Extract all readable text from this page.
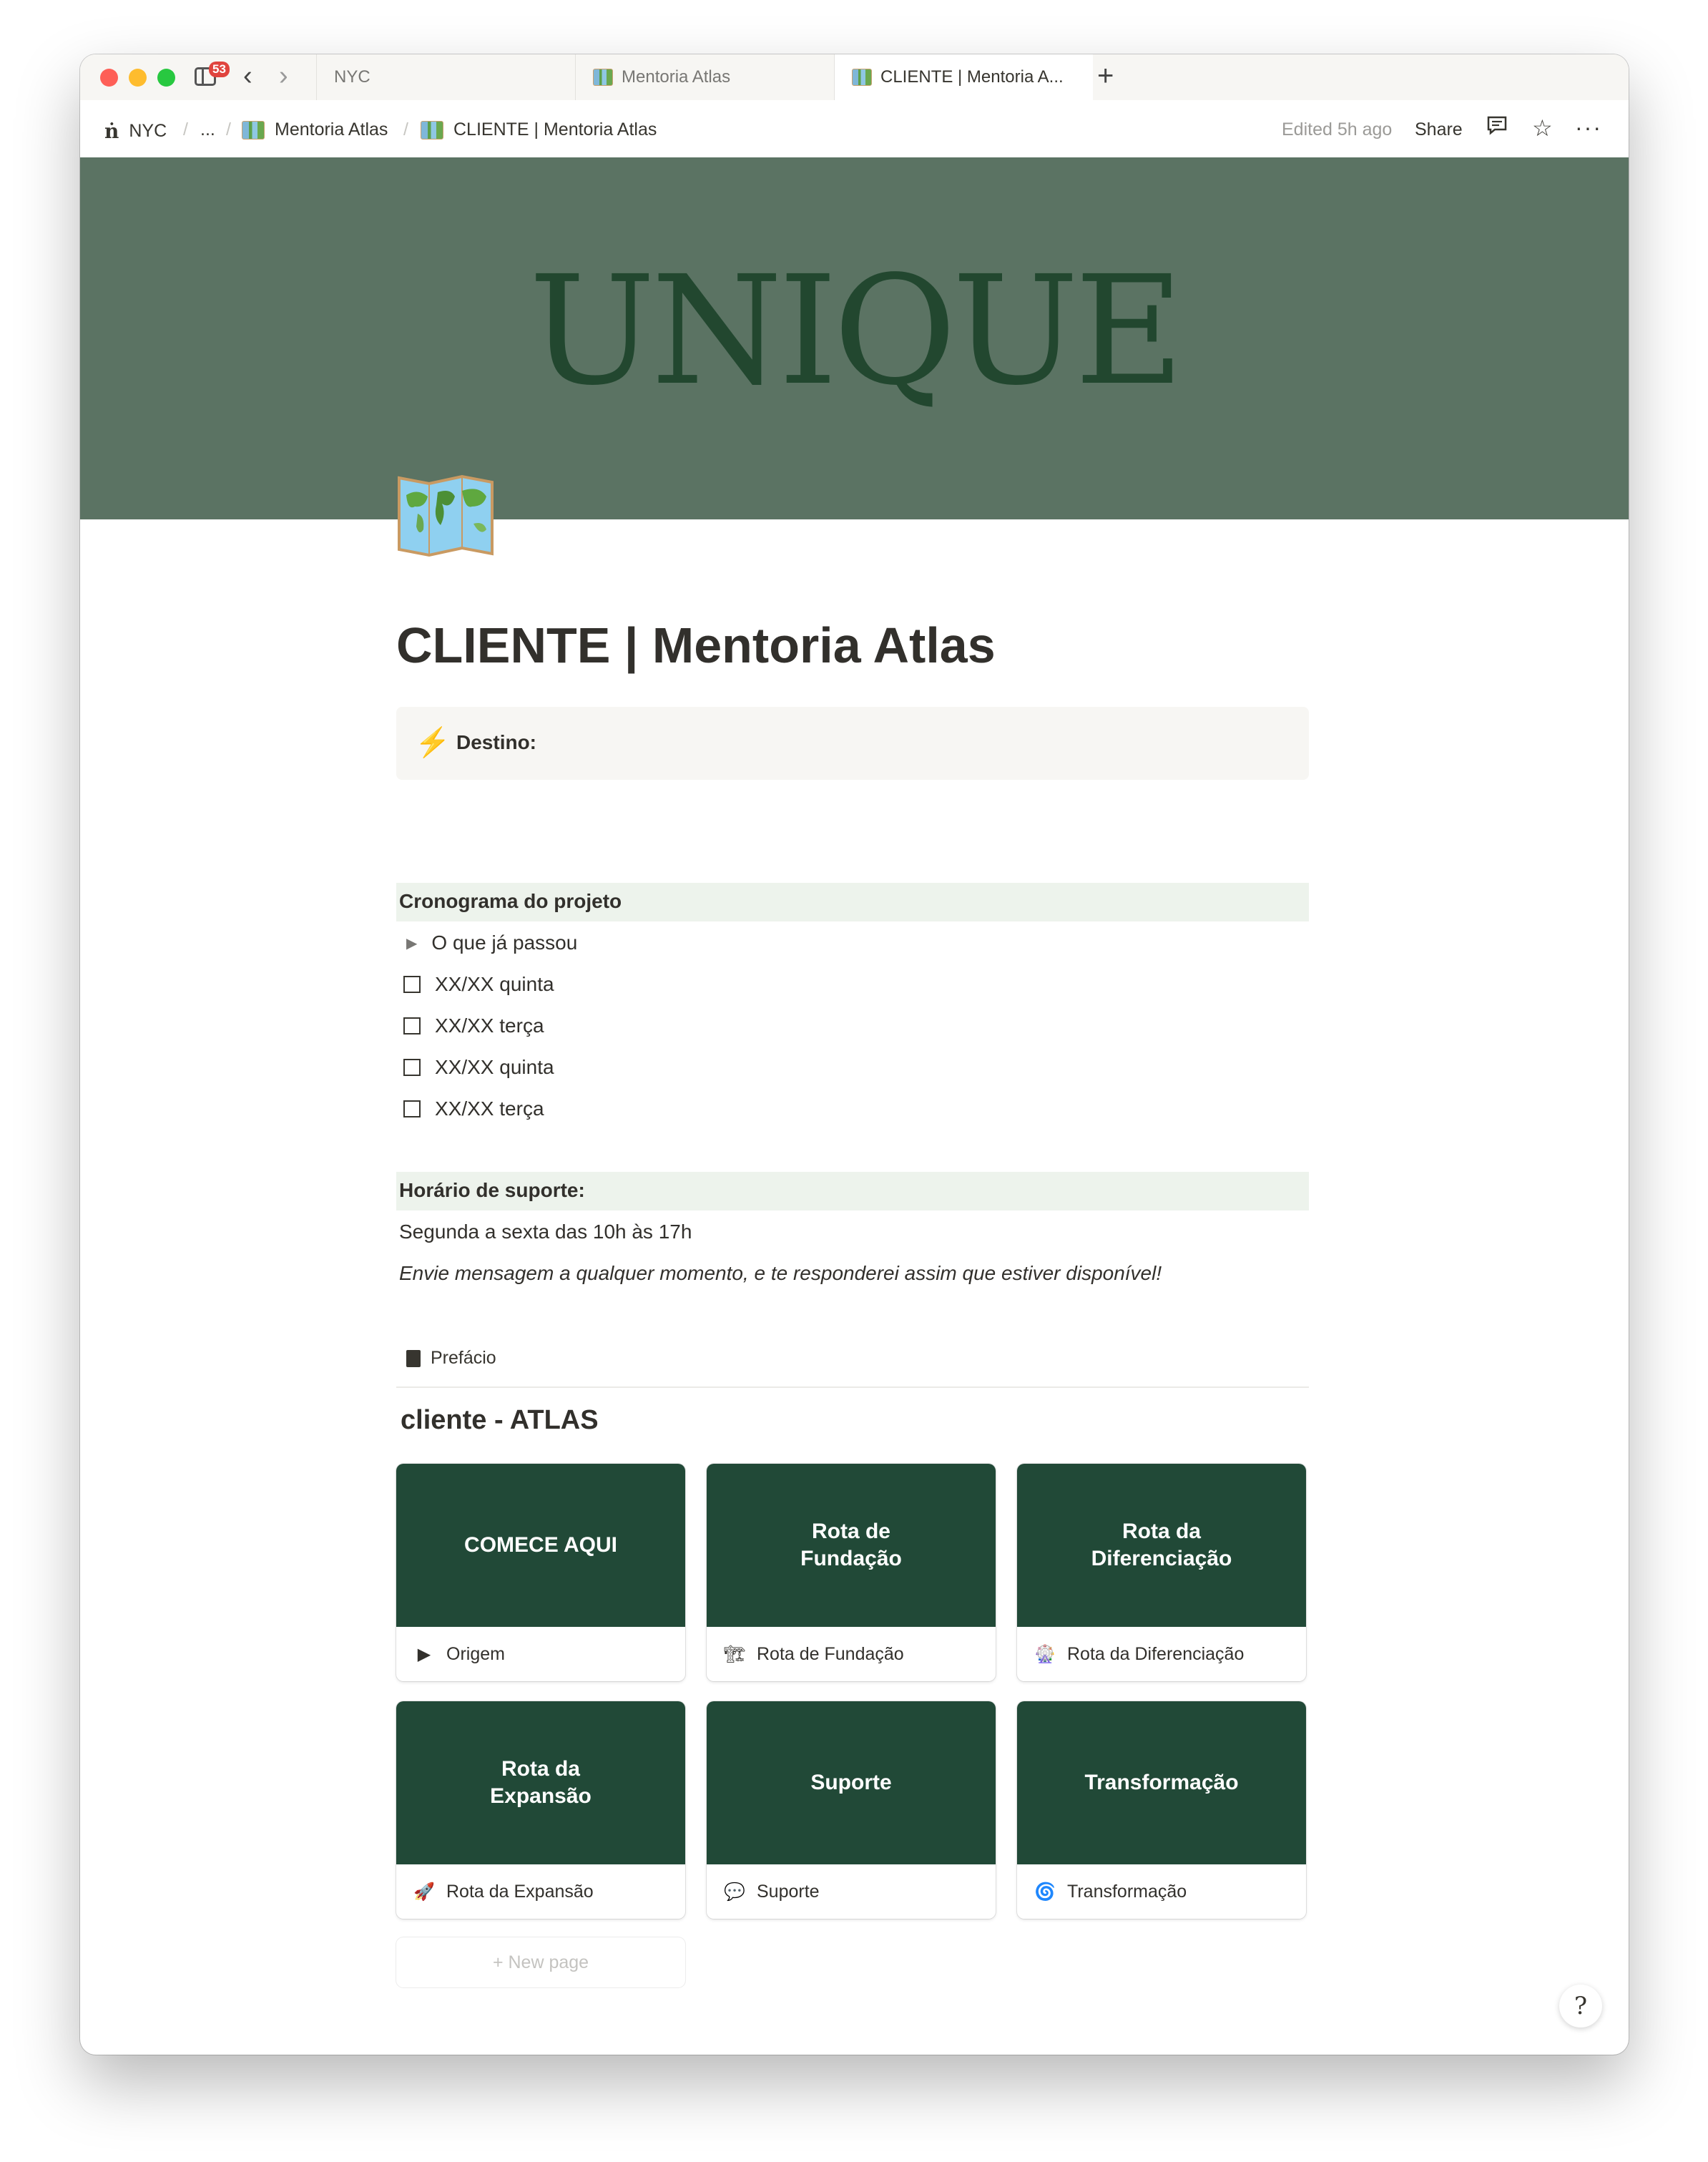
53 ‹ ›	NYC	Mentoria Atlas	CLIENTE | Mentoria A... +
ṅ NYC / ... / Mentoria Atlas /	CLIENTE | Mentoria Atlas	Edited 5h ago Share	☆ ···
UNIQUE
CLIENTE | Mentoria Atlas
⚡ Destino:
Cronograma do projeto
▶ O que já passou
XX/XX quinta
XX/XX terça
XX/XX quinta
XX/XX terça
Horário de suporte:
Segunda a sexta das 10h às 17h
Envie mensagem a qualquer momento, e te responderei assim que estiver disponível!
Prefácio
cliente - ATLAS
COMECE AQUI
▶ Origem
Rota de
Fundação
🏗 Rota de Fundação
Rota da
Diferenciação
🎡 Rota da Diferenciação
Rota da
Expansão
🚀 Rota da Expansão
Suporte
💬 Suporte
Transformação
🌀 Transformação
+ New page
?
